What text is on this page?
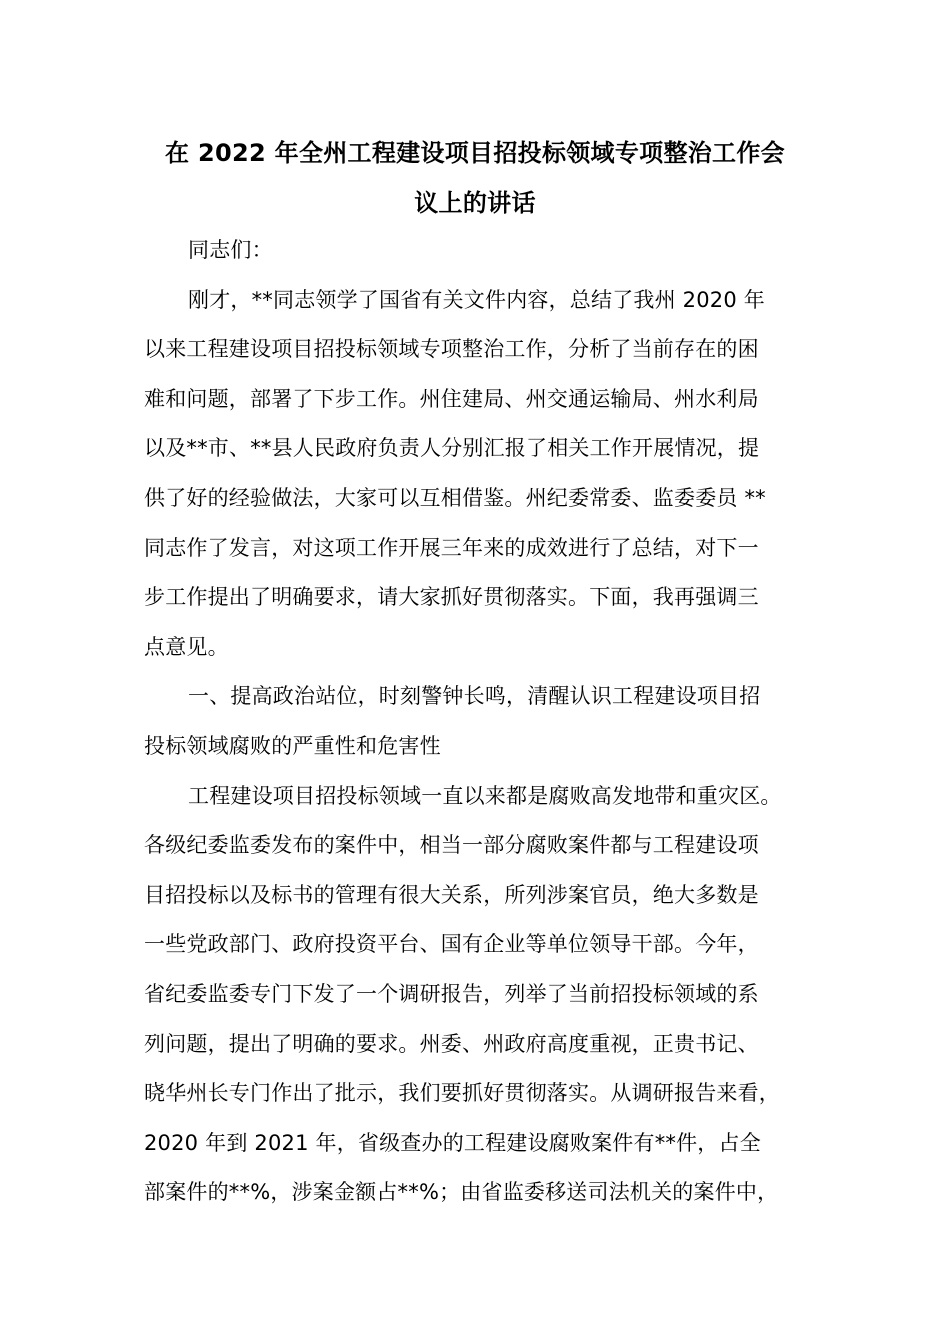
在 2022 年全州工程建设项目招投标领域专项整治工作会
议上的讲话
同志们：
刚才，**同志领学了国省有关文件内容，总结了我州 2020 年
以来工程建设项目招投标领域专项整治工作，分析了当前存在的困
难和问题，部署了下步工作。州住建局、州交通运输局、州水利局
以及**市、**县人民政府负责人分别汇报了相关工作开展情况，提
供了好的经验做法，大家可以互相借鉴。州纪委常委、监委委员 **
同志作了发言，对这项工作开展三年来的成效进行了总结，对下一
步工作提出了明确要求，请大家抓好贯彻落实。下面，我再强调三
点意见。
一、提高政治站位，时刻警钟长鸣，清醒认识工程建设项目招
投标领域腐败的严重性和危害性
工程建设项目招投标领域一直以来都是腐败高发地带和重灾区。
各级纪委监委发布的案件中，相当一部分腐败案件都与工程建设项
目招投标以及标书的管理有很大关系，所列涉案官员，绝大多数是
一些党政部门、政府投资平台、国有企业等单位领导干部。今年，
省纪委监委专门下发了一个调研报告，列举了当前招投标领域的系
列问题，提出了明确的要求。州委、州政府高度重视，正贵书记、
晓华州长专门作出了批示，我们要抓好贯彻落实。从调研报告来看，
2020 年到 2021 年，省级查办的工程建设腐败案件有**件，占全
部案件的**%，涉案金额占**%；由省监委移送司法机关的案件中，
